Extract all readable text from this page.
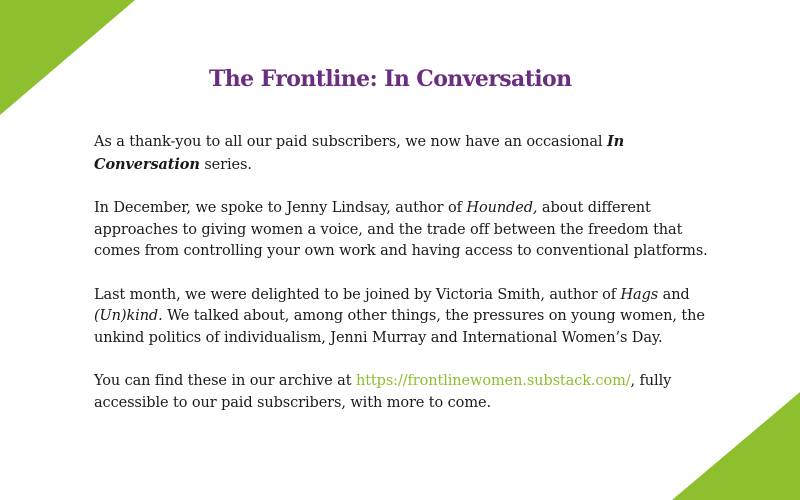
The Frontline: In Conversation

As a thank-you to all our paid subscribers, we now have an occasional In Conversation series.

In December, we spoke to Jenny Lindsay, author of Hounded, about different approaches to giving women a voice, and the trade off between the freedom that comes from controlling your own work and having access to conventional platforms.

Last month, we were delighted to be joined by Victoria Smith, author of Hags and (Un)kind. We talked about, among other things, the pressures on young women, the unkind politics of individualism, Jenni Murray and International Women’s Day.

You can find these in our archive at https://frontlinewomen.substack.com/, fully accessible to our paid subscribers, with more to come.
